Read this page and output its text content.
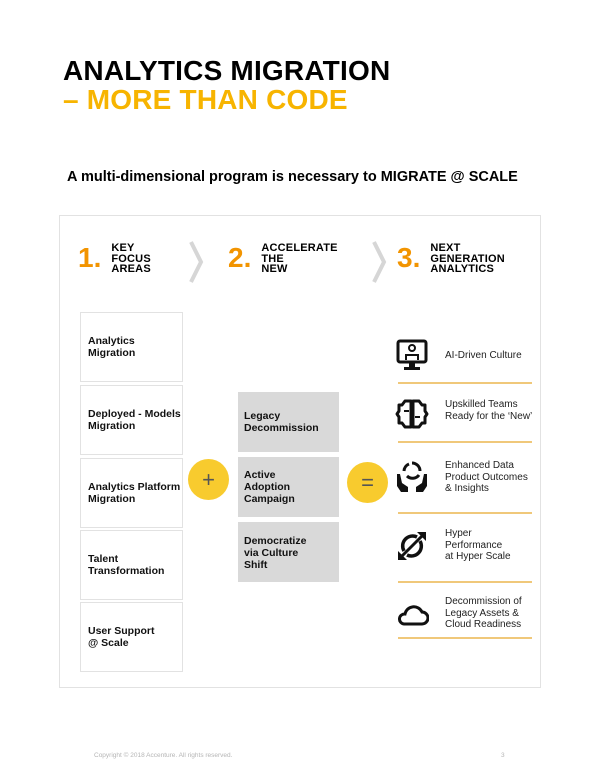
ANALYTICS MIGRATION
– MORE THAN CODE
A multi-dimensional program is necessary to MIGRATE @ SCALE
1. KEY
FOCUS
AREAS	2. ACCELERATE
THE
NEW	3. NEXT
GENERATION
ANALYTICS
Analytics
Migration
Deployed - Models
Migration
Analytics Platform
Migration
Talent
Transformation
User Support
@ Scale
+
Legacy
Decommission
Active
Adoption
Campaign
Democratize
via Culture
Shift
=
AI-Driven Culture
Upskilled Teams
Ready for the ‘New’
Enhanced Data
Product Outcomes
& Insights
Hyper
Performance
at Hyper Scale
Decommission of
Legacy Assets &
Cloud Readiness
Copyright © 2018 Accenture. All rights reserved.	3
